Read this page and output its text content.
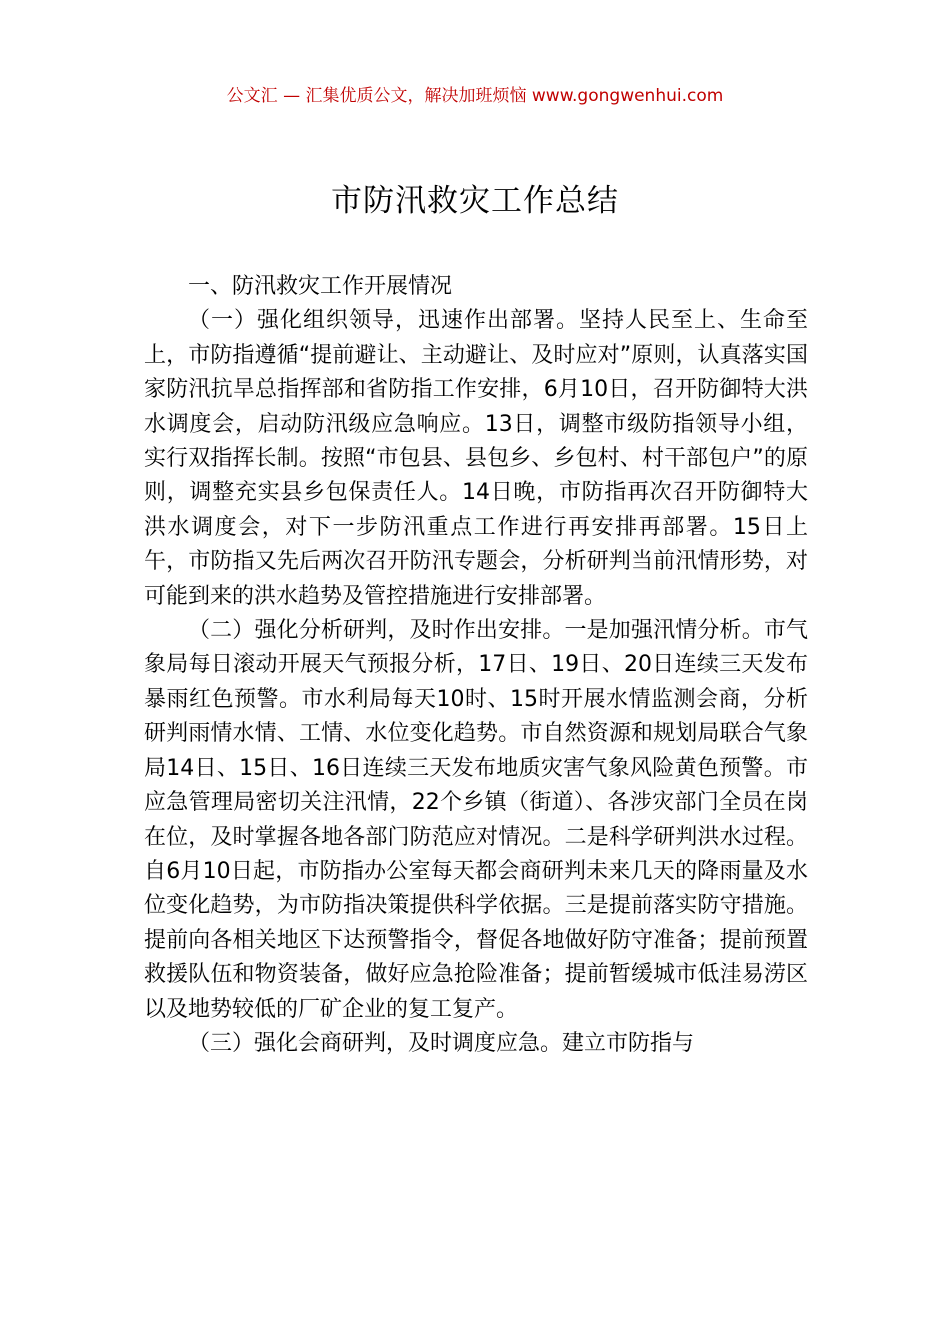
公文汇 — 汇集优质公文，解决加班烦恼 www.gongwenhui.com
市防汛救灾工作总结

一、防汛救灾工作开展情况

（一）强化组织领导，迅速作出部署。坚持人民至上、生命至上，市防指遵循“提前避让、主动避让、及时应对”原则，认真落实国家防汛抗旱总指挥部和省防指工作安排，6月10日，召开防御特大洪水调度会，启动防汛级应急响应。13日，调整市级防指领导小组，实行双指挥长制。按照“市包县、县包乡、乡包村、村干部包户”的原则，调整充实县乡包保责任人。14日晚，市防指再次召开防御特大洪水调度会，对下一步防汛重点工作进行再安排再部署。15日上午，市防指又先后两次召开防汛专题会，分析研判当前汛情形势，对可能到来的洪水趋势及管控措施进行安排部署。

（二）强化分析研判，及时作出安排。一是加强汛情分析。市气象局每日滚动开展天气预报分析，17日、19日、20日连续三天发布暴雨红色预警。市水利局每天10时、15时开展水情监测会商，分析研判雨情水情、工情、水位变化趋势。市自然资源和规划局联合气象局14日、15日、16日连续三天发布地质灾害气象风险黄色预警。市应急管理局密切关注汛情，22个乡镇（街道）、各涉灾部门全员在岗在位，及时掌握各地各部门防范应对情况。二是科学研判洪水过程。自6月10日起，市防指办公室每天都会商研判未来几天的降雨量及水位变化趋势，为市防指决策提供科学依据。三是提前落实防守措施。提前向各相关地区下达预警指令，督促各地做好防守准备；提前预置救援队伍和物资装备，做好应急抢险准备；提前暂缓城市低洼易涝区以及地势较低的厂矿企业的复工复产。

（三）强化会商研判，及时调度应急。建立市防指与
